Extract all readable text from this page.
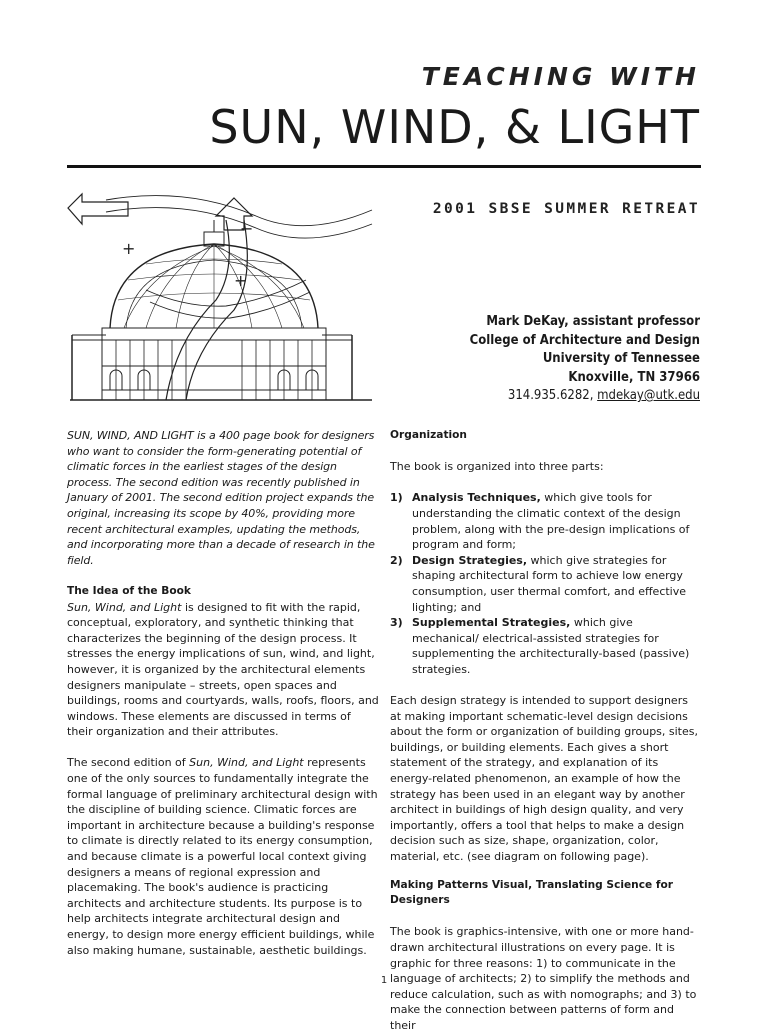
TEACHING WITH
SUN, WIND, & LIGHT
2001 SBSE SUMMER RETREAT
+
+
−
Mark DeKay, assistant professor
College of Architecture and Design
University of Tennessee
Knoxville, TN 37966
314.935.6282, mdekay@utk.edu

SUN, WIND, AND LIGHT is a 400 page book for designers who want to consider the form-generating potential of climatic forces in the earliest stages of the design process. The second edition was recently published in January of 2001. The second edition project expands the original, increasing its scope by 40%, providing more recent architectural examples, updating the methods, and incorporating more than a decade of research in the field.

The Idea of the Book

Sun, Wind, and Light is designed to fit with the rapid, conceptual, exploratory, and synthetic thinking that characterizes the beginning of the design process. It stresses the energy implications of sun, wind, and light, however, it is organized by the architectural elements designers manipulate – streets, open spaces and buildings, rooms and courtyards, walls, roofs, floors, and windows. These elements are discussed in terms of their organization and their attributes.

The second edition of Sun, Wind, and Light represents one of the only sources to fundamentally integrate the formal language of preliminary architectural design with the discipline of building science. Climatic forces are important in architecture because a building's response to climate is directly related to its energy consumption, and because climate is a powerful local context giving designers a means of regional expression and placemaking. The book's audience is practicing architects and architecture students. Its purpose is to help architects integrate architectural design and energy, to design more energy efficient buildings, while also making humane, sustainable, aesthetic buildings.

Organization

The book is organized into three parts:

1) Analysis Techniques, which give tools for understanding the climatic context of the design problem, along with the pre-design implications of program and form;
2) Design Strategies, which give strategies for shaping architectural form to achieve low energy consumption, user thermal comfort, and effective lighting; and
3) Supplemental Strategies, which give mechanical/ electrical-assisted strategies for supplementing the architecturally-based (passive) strategies.

Each design strategy is intended to support designers at making important schematic-level design decisions about the form or organization of building groups, sites, buildings, or building elements. Each gives a short statement of the strategy, and explanation of its energy-related phenomenon, an example of how the strategy has been used in an elegant way by another architect in buildings of high design quality, and very importantly, offers a tool that helps to make a design decision such as size, shape, organization, color, material, etc. (see diagram on following page).

Making Patterns Visual, Translating Science for Designers

The book is graphics-intensive, with one or more hand-drawn architectural illustrations on every page. It is graphic for three reasons: 1) to communicate in the language of architects; 2) to simplify the methods and reduce calculation, such as with nomographs; and 3) to make the connection between patterns of form and their

1
